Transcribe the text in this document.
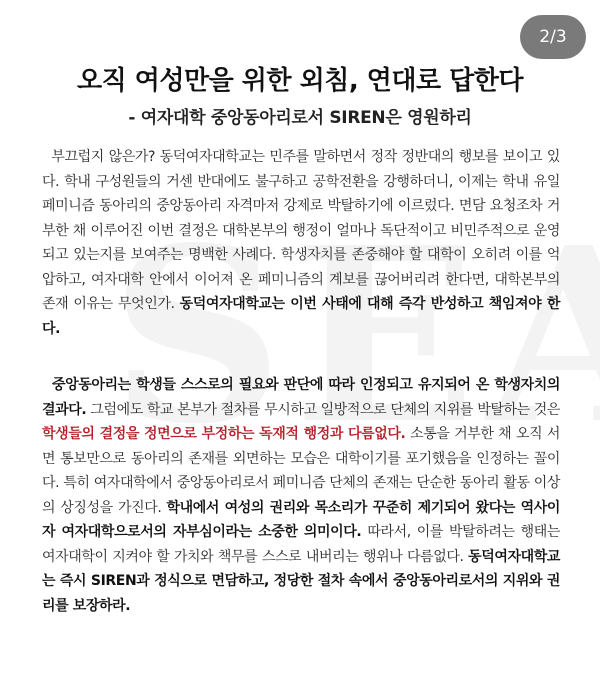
2/3
오직 여성만을 위한 외침, 연대로 답한다
- 여자대학 중앙동아리로서 SIREN은 영원하리

부끄럽지 않은가? 동덕여자대학교는 민주를 말하면서 정작 정반대의 행보를 보이고 있다. 학내 구성원들의 거센 반대에도 불구하고 공학전환을 강행하더니, 이제는 학내 유일 페미니즘 동아리의 중앙동아리 자격마저 강제로 박탈하기에 이르렀다. 면담 요청조차 거부한 채 이루어진 이번 결정은 대학본부의 행정이 얼마나 독단적이고 비민주적으로 운영되고 있는지를 보여주는 명백한 사례다. 학생자치를 존중해야 할 대학이 오히려 이를 억압하고, 여자대학 안에서 이어져 온 페미니즘의 계보를 끊어버리려 한다면, 대학본부의 존재 이유는 무엇인가. 동덕여자대학교는 이번 사태에 대해 즉각 반성하고 책임져야 한다.

중앙동아리는 학생들 스스로의 필요와 판단에 따라 인정되고 유지되어 온 학생자치의 결과다. 그럼에도 학교 본부가 절차를 무시하고 일방적으로 단체의 지위를 박탈하는 것은 학생들의 결정을 정면으로 부정하는 독재적 행정과 다름없다. 소통을 거부한 채 오직 서면 통보만으로 동아리의 존재를 외면하는 모습은 대학이기를 포기했음을 인정하는 꼴이다. 특히 여자대학에서 중앙동아리로서 페미니즘 단체의 존재는 단순한 동아리 활동 이상의 상징성을 가진다. 학내에서 여성의 권리와 목소리가 꾸준히 제기되어 왔다는 역사이자 여자대학으로서의 자부심이라는 소중한 의미이다. 따라서, 이를 박탈하려는 행태는 여자대학이 지켜야 할 가치와 책무를 스스로 내버리는 행위나 다름없다. 동덕여자대학교는 즉시 SIREN과 정식으로 면담하고, 정당한 절차 속에서 중앙동아리로서의 지위와 권리를 보장하라.
